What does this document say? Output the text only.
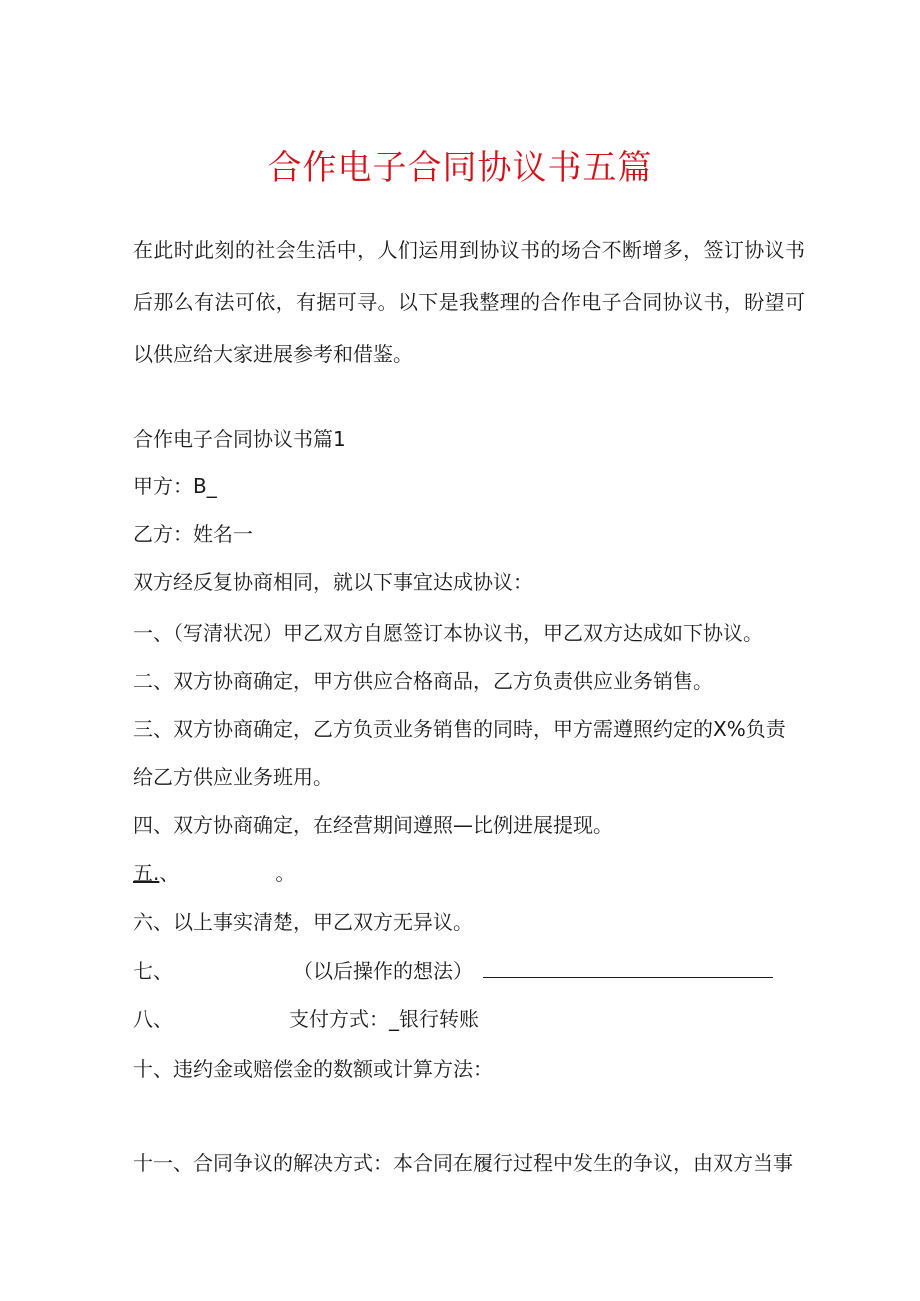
合作电子合同协议书五篇
在此时此刻的社会生活中，人们运用到协议书的场合不断增多，签订协议书后那么有法可依，有据可寻。以下是我整理的合作电子合同协议书，盼望可以供应给大家进展参考和借鉴。
合作电子合同协议书篇1
甲方：B_
乙方：姓名一
双方经反复协商相同，就以下事宜达成协议：
一、（写清状况）甲乙双方自愿签订本协议书，甲乙双方达成如下协议。
二、双方协商确定，甲方供应合格商品，乙方负责供应业务销售。
三、双方协商确定，乙方负贡业务销售的同時，甲方需遵照约定的X%负责
给乙方供应业务班用。
四、双方协商确定，在经营期间遵照—比例进展提现。
五.、	。
六、以上事实清楚，甲乙双方无异议。
七、	（以后操作的想法）
八、	支付方式：_银行转账
十、违约金或赔偿金的数额或计算方法：
十一、合同争议的解决方式：本合同在履行过程中发生的争议，由双方当事
